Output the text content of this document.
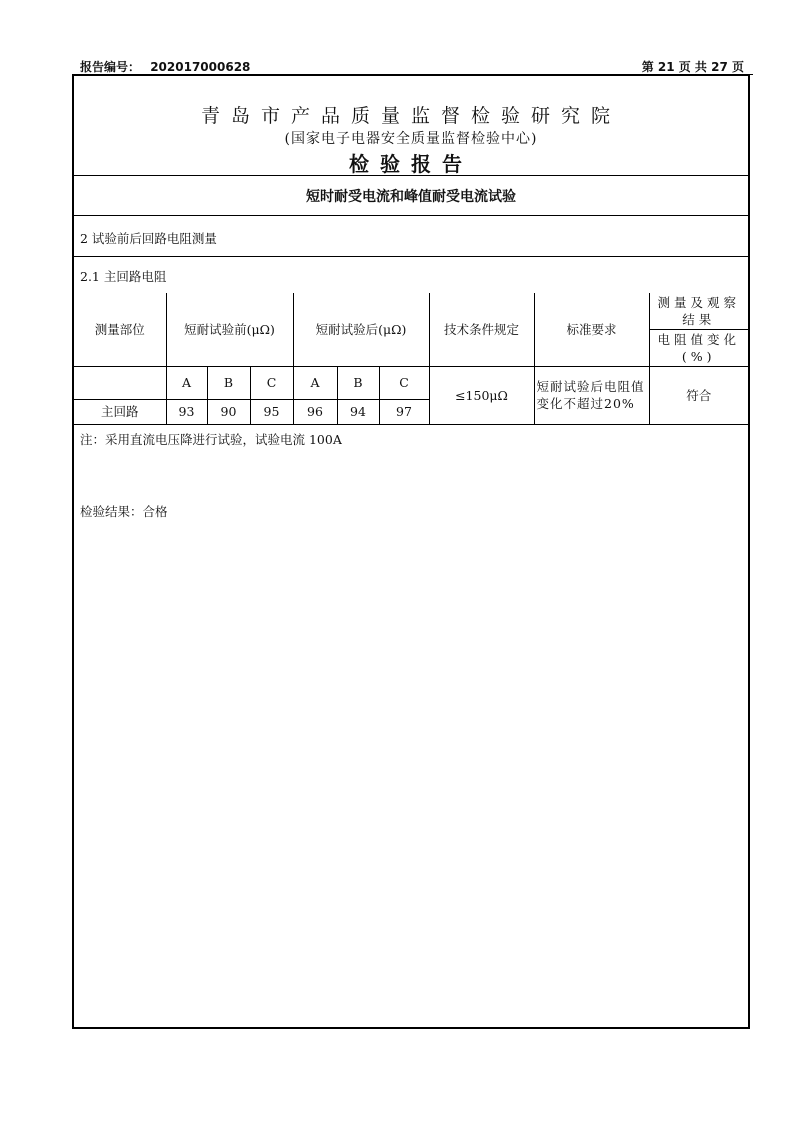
报告编号： 202017000628	第 21 页 共 27 页
青岛市产品质量监督检验研究院
(国家电子电器安全质量监督检验中心)
检验报告
短时耐受电流和峰值耐受电流试验
2 试验前后回路电阻测量
2.1 主回路电阻
测量部位	短耐试验前(μΩ)			短耐试验后(μΩ)			技术条件规定	标准要求	测量及观察结果
									电阻值变化(%)
	A	B	C	A	B	C	≤150μΩ	短耐试验后电阻值变化不超过20%	符合
主回路	93	90	95	96	94	97			
注：采用直流电压降进行试验，试验电流 100A
检验结果：合格
